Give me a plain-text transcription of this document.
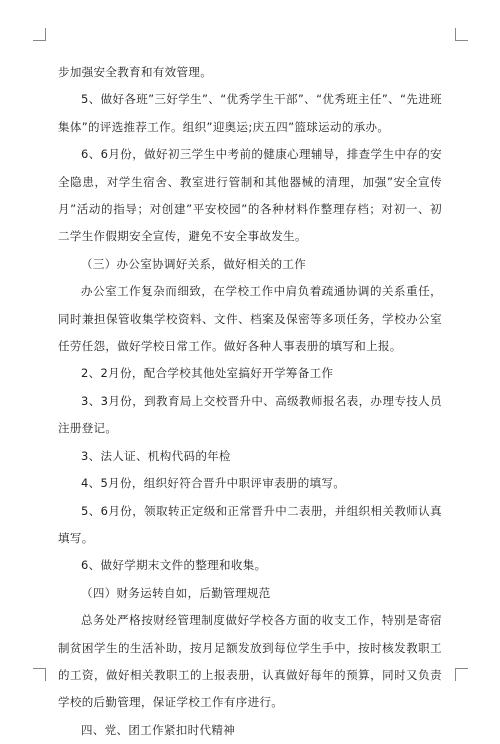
步加强安全教育和有效管理。

5、做好各班”三好学生”、“优秀学生干部”、“优秀班主任”、“先进班集体”的评选推荐工作。组织”迎奥运;庆五四”篮球运动的承办。

6、6月份，做好初三学生中考前的健康心理辅导，排查学生中存的安全隐患，对学生宿舍、教室进行管制和其他器械的清理，加强”安全宣传月”活动的指导；对创建”平安校园”的各种材料作整理存档；对初一、初二学生作假期安全宣传，避免不安全事故发生。

（三）办公室协调好关系，做好相关的工作

办公室工作复杂而细致，在学校工作中肩负着疏通协调的关系重任，同时兼担保管收集学校资料、文件、档案及保密等多项任务，学校办公室任劳任怨，做好学校日常工作。做好各种人事表册的填写和上报。

2、2月份，配合学校其他处室搞好开学筹备工作

3、3月份，到教育局上交校晋升中、高级教师报名表，办理专技人员注册登记。

3、法人证、机构代码的年检

4、5月份，组织好符合晋升中职评审表册的填写。

5、6月份，领取转正定级和正常晋升中二表册，并组织相关教师认真填写。

6、做好学期末文件的整理和收集。

（四）财务运转自如，后勤管理规范

总务处严格按财经管理制度做好学校各方面的收支工作，特别是寄宿制贫困学生的生活补助，按月足额发放到每位学生手中，按时核发教职工的工资，做好相关教职工的上报表册，认真做好每年的预算，同时又负责学校的后勤管理，保证学校工作有序进行。

四、党、团工作紧扣时代精神
